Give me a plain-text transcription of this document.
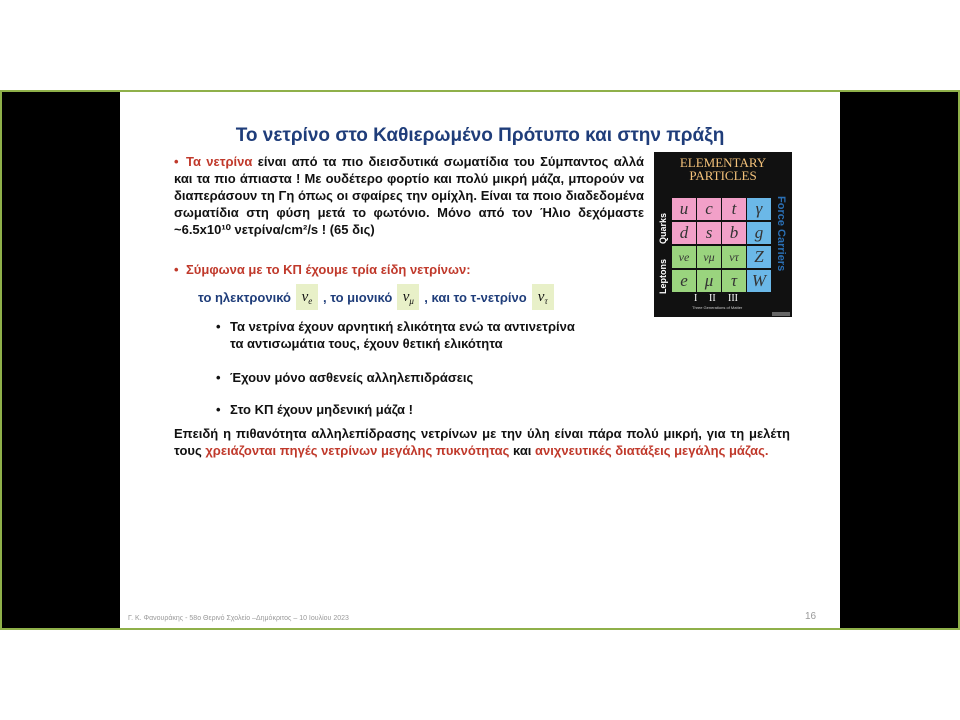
Το νετρίνο στο Καθιερωμένο Πρότυπο και στην πράξη
• Τα νετρίνα είναι από τα πιο διεισδυτικά σωματίδια του Σύμπαντος αλλά και τα πιο άπιαστα ! Με ουδέτερο φορτίο και πολύ μικρή μάζα, μπορούν να διαπεράσουν τη Γη όπως οι σφαίρες την ομίχλη. Είναι τα ποιο διαδεδομένα σωματίδια στη φύση μετά το φωτόνιο. Μόνο από τον Ήλιο δεχόμαστε ~6.5x10¹⁰ νετρίνα/cm²/s ! (65 δις)
• Σύμφωνα με το ΚΠ έχουμε τρία είδη νετρίνων:
το ηλεκτρονικό $\nu_e$ , το μιονικό $\nu_\mu$ , και το τ-νετρίνο $\nu_\tau$
• Τα νετρίνα έχουν αρνητική ελικότητα ενώ τα αντινετρίνα
τα αντισωμάτια τους, έχουν θετική ελικότητα
• Έχουν μόνο ασθενείς αλληλεπιδράσεις
• Στο ΚΠ έχουν μηδενική μάζα !
Επειδή η πιθανότητα αλληλεπίδρασης νετρίνων με την ύλη είναι πάρα πολύ μικρή, για τη μελέτη τους χρειάζονται πηγές νετρίνων μεγάλης πυκνότητας και ανιχνευτικές διατάξεις μεγάλης μάζας.
ELEMENTARY
PARTICLES
Quarks
Leptons
Force Carriers
u c	t	γ
d	s	b g
νe	νμ	ντ Z
e μ	τ W
I II III
Three Generations of Matter
Γ. Κ. Φανουράκης - 58ο Θερινό Σχολείο –Δημόκριτος – 10 Ιουλίου 2023	16
